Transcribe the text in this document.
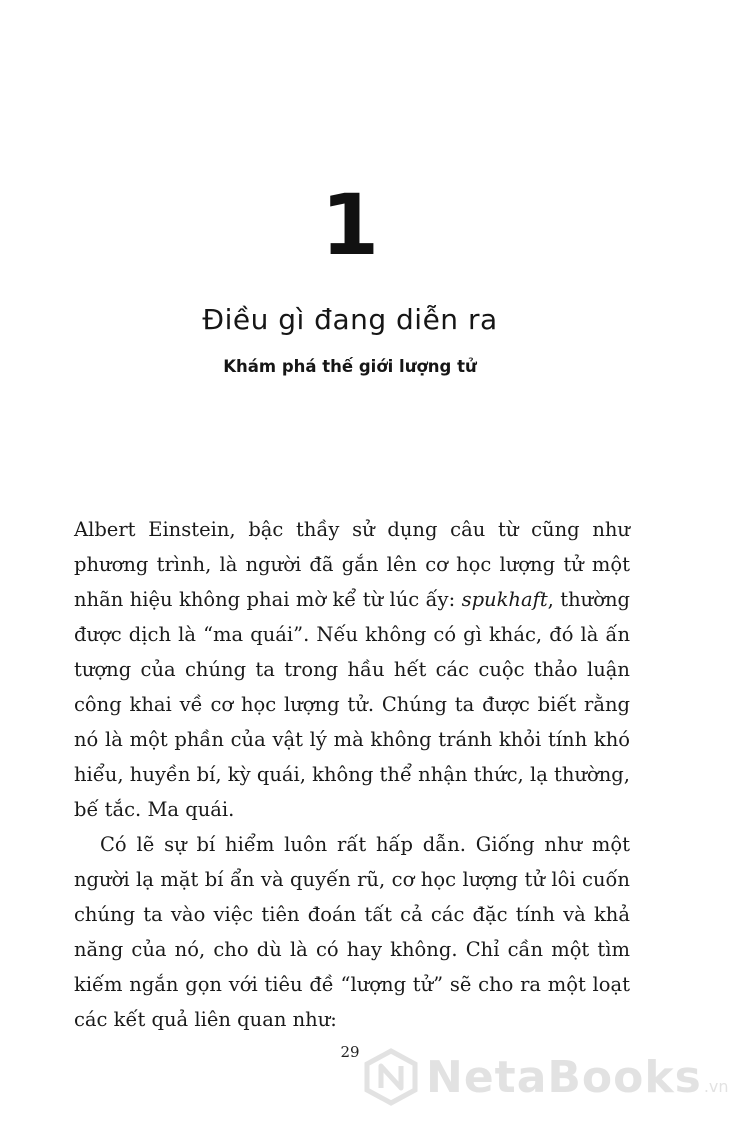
1
Điều gì đang diễn ra
Khám phá thế giới lượng tử
Albert Einstein, bậc thầy sử dụng câu từ cũng như
phương trình, là người đã gắn lên cơ học lượng tử một
nhãn hiệu không phai mờ kể từ lúc ấy: spukhaft, thường
được dịch là “ma quái”. Nếu không có gì khác, đó là ấn
tượng của chúng ta trong hầu hết các cuộc thảo luận
công khai về cơ học lượng tử. Chúng ta được biết rằng
nó là một phần của vật lý mà không tránh khỏi tính khó
hiểu, huyền bí, kỳ quái, không thể nhận thức, lạ thường,
bế tắc. Ma quái.
Có lẽ sự bí hiểm luôn rất hấp dẫn. Giống như một
người lạ mặt bí ẩn và quyến rũ, cơ học lượng tử lôi cuốn
chúng ta vào việc tiên đoán tất cả các đặc tính và khả
năng của nó, cho dù là có hay không. Chỉ cần một tìm
kiếm ngắn gọn với tiêu đề “lượng tử” sẽ cho ra một loạt
các kết quả liên quan như:
29	NetaBooks .vn
